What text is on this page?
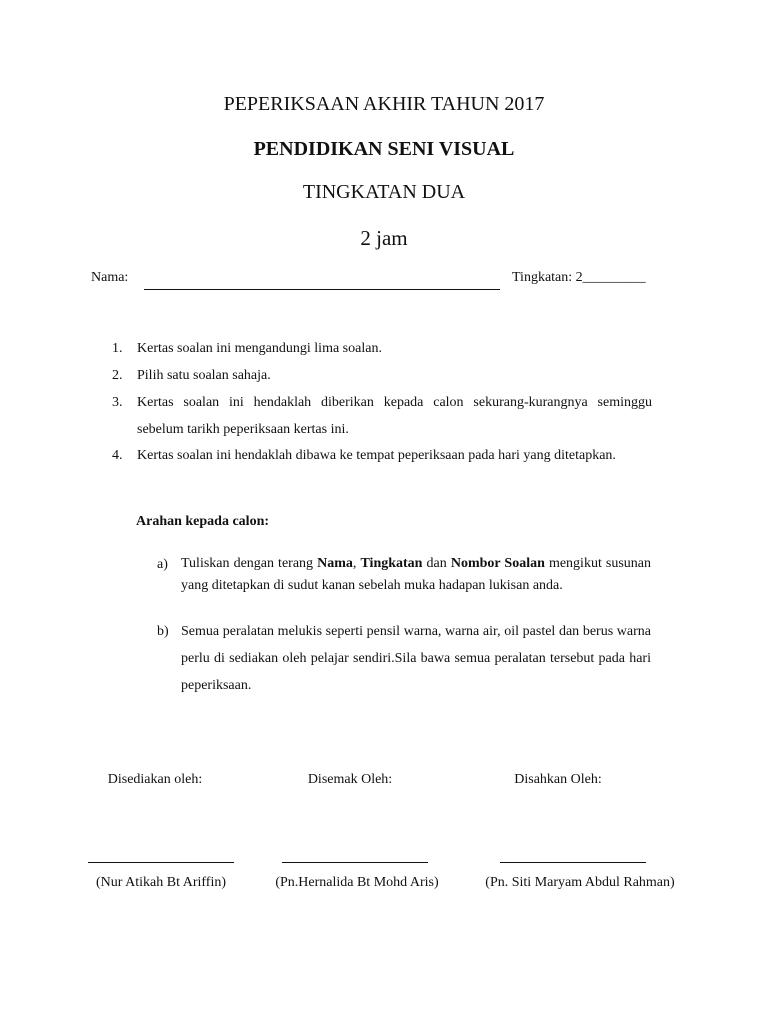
PEPERIKSAAN AKHIR TAHUN 2017
PENDIDIKAN SENI VISUAL
TINGKATAN DUA
2 jam
Nama:	Tingkatan: 2_________
1. Kertas soalan ini mengandungi lima soalan.
2. Pilih satu soalan sahaja.
3. Kertas soalan ini hendaklah diberikan kepada calon sekurang-kurangnya seminggu
sebelum tarikh peperiksaan kertas ini.
4. Kertas soalan ini hendaklah dibawa ke tempat peperiksaan pada hari yang ditetapkan.
Arahan kepada calon:
a) Tuliskan dengan terang Nama, Tingkatan dan Nombor Soalan mengikut susunan yang ditetapkan di sudut kanan sebelah muka hadapan lukisan anda.
b) Semua peralatan melukis seperti pensil warna, warna air, oil pastel dan berus warna perlu di sediakan oleh pelajar sendiri.Sila bawa semua peralatan tersebut pada hari peperiksaan.
Disediakan oleh:	Disemak Oleh:	Disahkan Oleh:
(Nur Atikah Bt Ariffin)	(Pn.Hernalida Bt Mohd Aris)	(Pn. Siti Maryam Abdul Rahman)
